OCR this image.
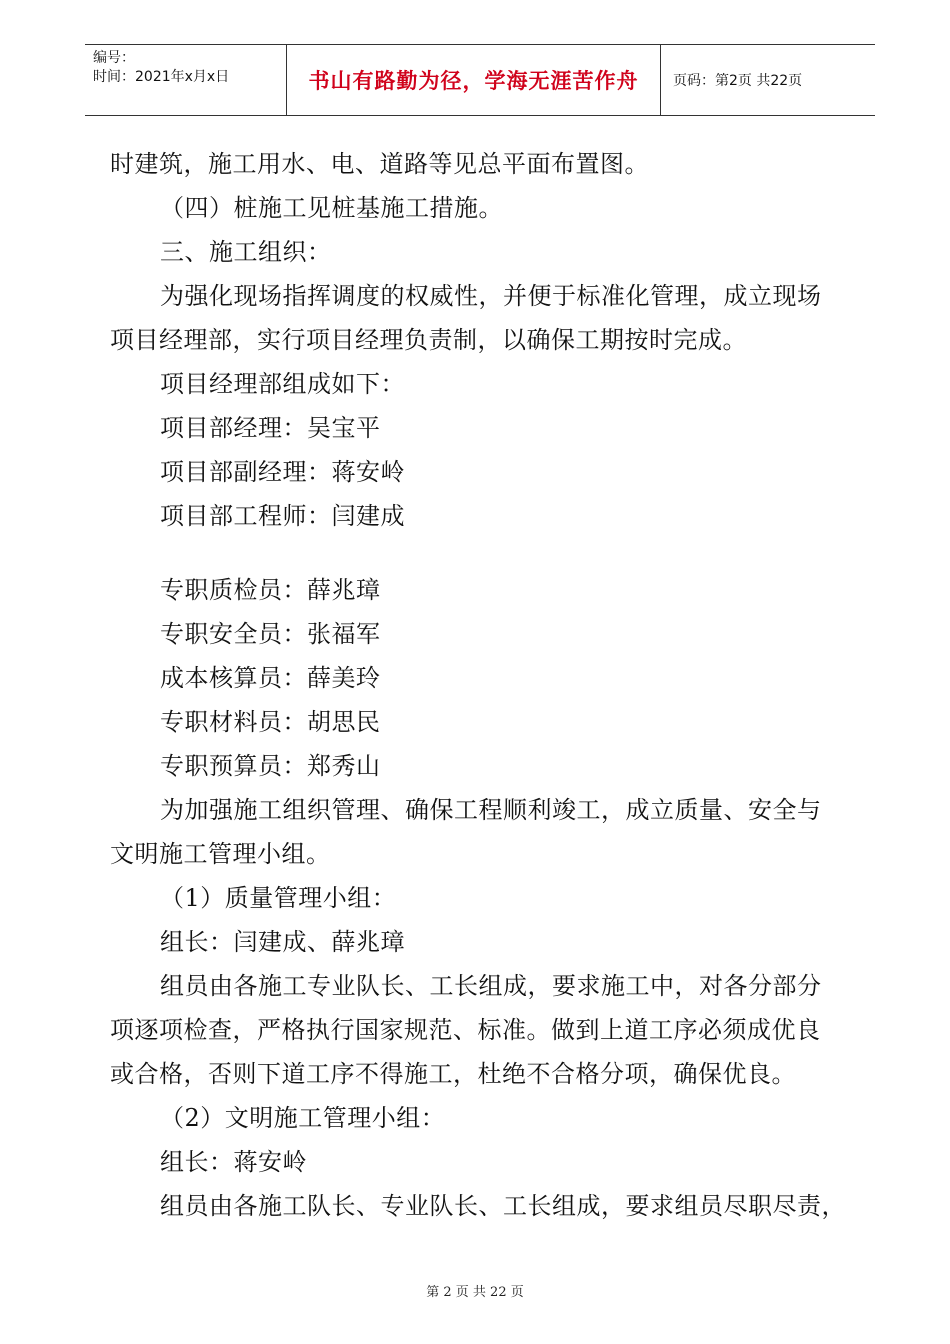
编号：
时间：2021年x月x日	书山有路勤为径，学海无涯苦作舟 页码：第2页 共22页

时建筑，施工用水、电、道路等见总平面布置图。

（四）桩施工见桩基施工措施。

三、施工组织：

为强化现场指挥调度的权威性，并便于标准化管理，成立现场

项目经理部，实行项目经理负责制，以确保工期按时完成。

项目经理部组成如下：

项目部经理：吴宝平

项目部副经理：蒋安岭

项目部工程师：闫建成

专职质检员：薛兆璋

专职安全员：张福军

成本核算员：薛美玲

专职材料员：胡思民

专职预算员：郑秀山

为加强施工组织管理、确保工程顺利竣工，成立质量、安全与

文明施工管理小组。

（1）质量管理小组：

组长：闫建成、薛兆璋

组员由各施工专业队长、工长组成，要求施工中，对各分部分

项逐项检查，严格执行国家规范、标准。做到上道工序必须成优良

或合格，否则下道工序不得施工，杜绝不合格分项，确保优良。

（2）文明施工管理小组：

组长：蒋安岭

组员由各施工队长、专业队长、工长组成，要求组员尽职尽责，

第 2 页 共 22 页
